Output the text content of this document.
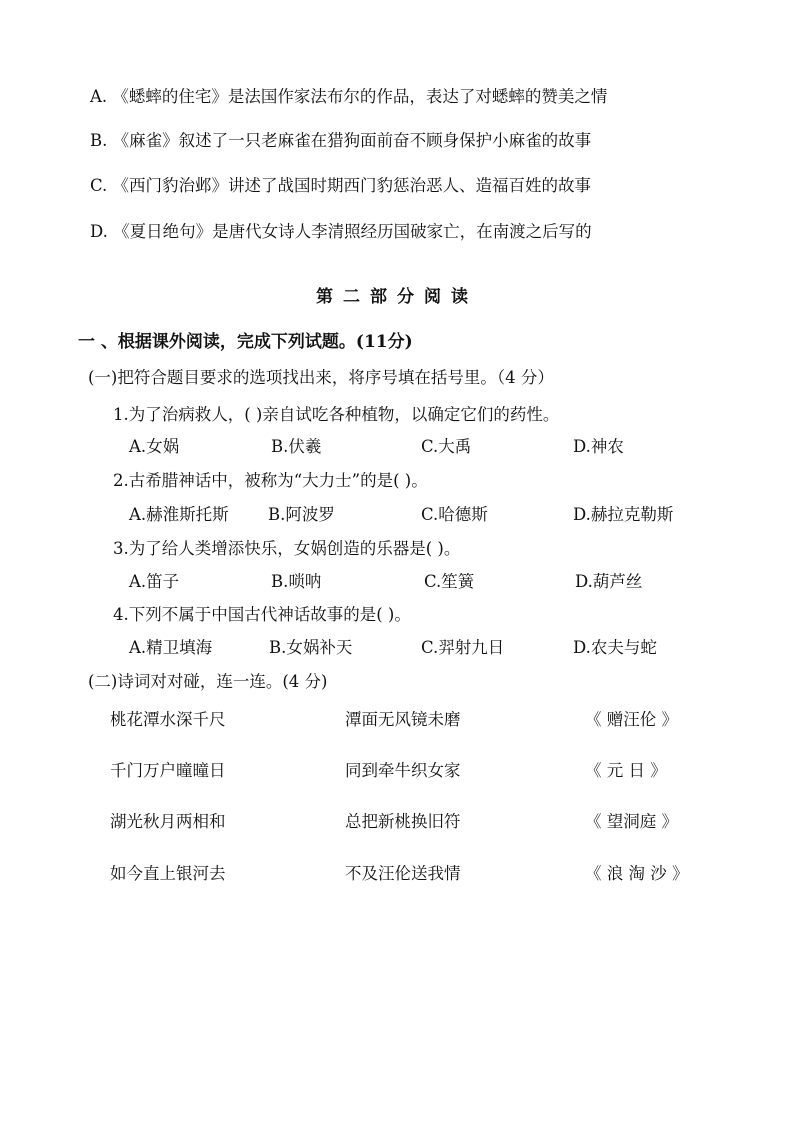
A. 《蟋蟀的住宅》是法国作家法布尔的作品，表达了对蟋蟀的赞美之情
B. 《麻雀》叙述了一只老麻雀在猎狗面前奋不顾身保护小麻雀的故事
C. 《西门豹治邺》讲述了战国时期西门豹惩治恶人、造福百姓的故事
D. 《夏日绝句》是唐代女诗人李清照经历国破家亡，在南渡之后写的
第二部分阅读
一 、根据课外阅读，完成下列试题。(11分)
(一)把符合题目要求的选项找出来，将序号填在括号里。（4 分）
1.为了治病救人，( )亲自试吃各种植物，以确定它们的药性。
A.女娲	B.伏羲	C.大禹	D.神农
2.古希腊神话中，被称为“大力士”的是( )。
A.赫淮斯托斯 B.阿波罗	C.哈德斯	D.赫拉克勒斯
3.为了给人类增添快乐，女娲创造的乐器是( )。
A.笛子	B.唢呐	C.笙簧	D.葫芦丝
4.下列不属于中国古代神话故事的是( )。
A.精卫填海	B.女娲补天	C.羿射九日	D.农夫与蛇
(二)诗词对对碰，连一连。(4 分)
桃花潭水深千尺	潭面无风镜未磨	《 赠汪伦 》
千门万户曈曈日	同到牵牛织女家	《 元 日 》
湖光秋月两相和	总把新桃换旧符	《 望洞庭 》
如今直上银河去	不及汪伦送我情	《 浪 淘 沙 》
